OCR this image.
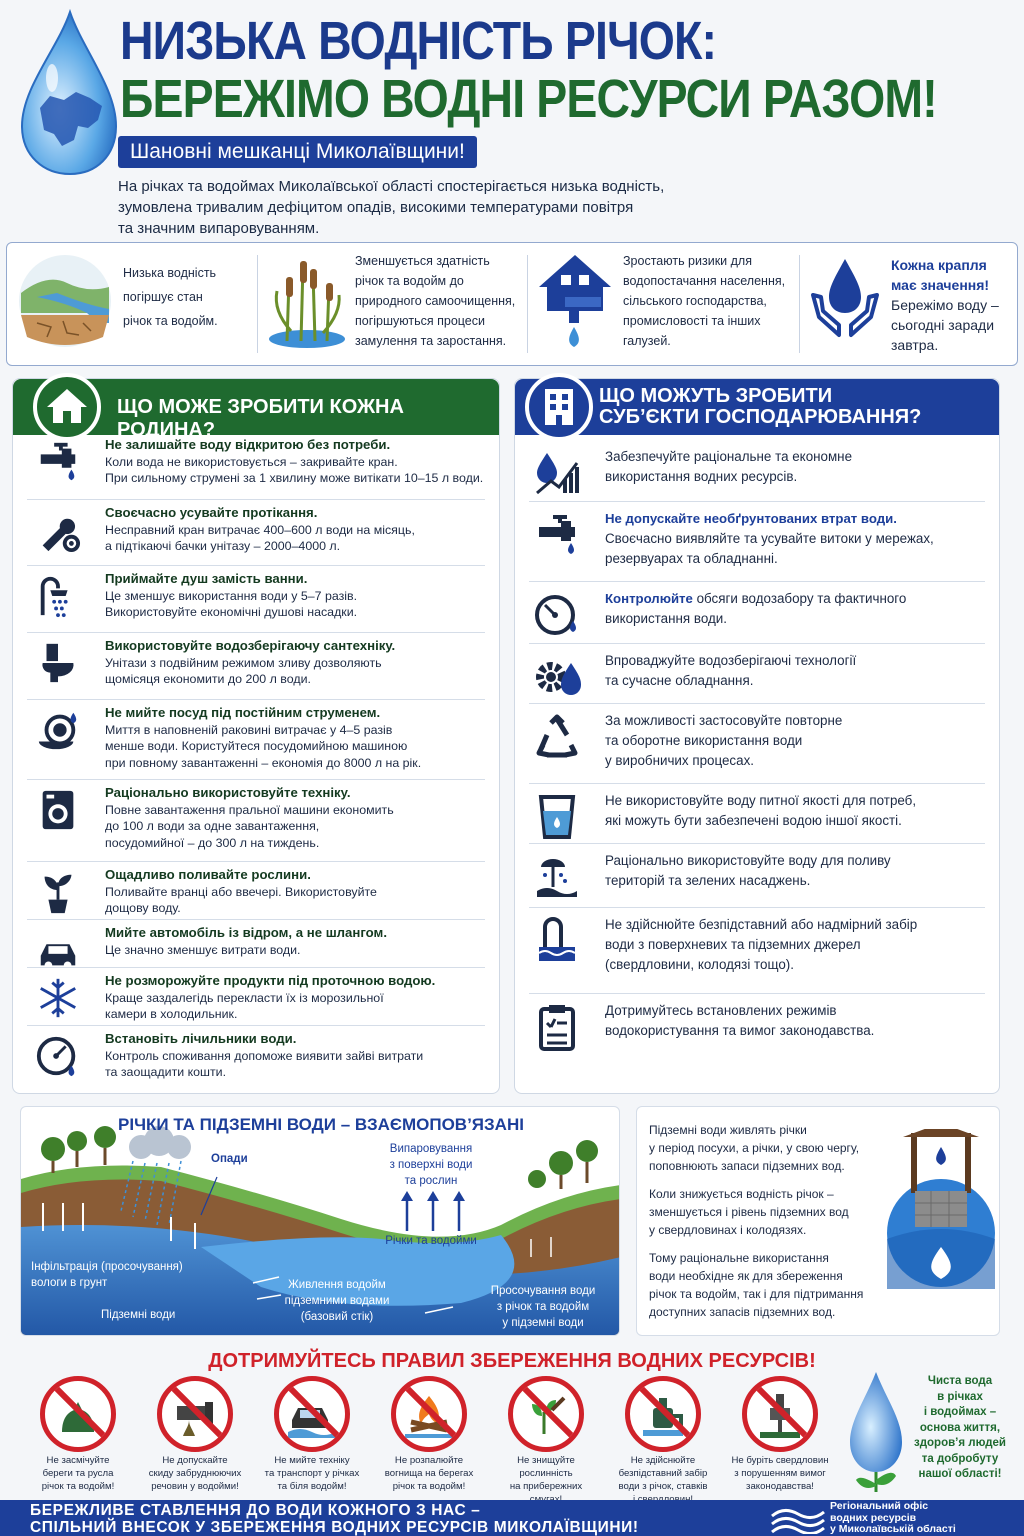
НИЗЬКА ВОДНІСТЬ РІЧОК:
БЕРЕЖІМО ВОДНІ РЕСУРСИ РАЗОМ!
Шановні мешканці Миколаївщини!
На річках та водоймах Миколаївської області спостерігається низька водність,
зумовлена тривалим дефіцитом опадів, високими температурами повітря
та значним випаровуванням.
Низька водність
погіршує стан
річок та водойм.
Зменшується здатність
річок та водойм до
природного самоочищення,
погіршуються процеси
замулення та заростання.
Зростають ризики для
водопостачання населення,
сільського господарства,
промисловості та інших
галузей.
Кожна крапля
має значення!
Бережімо воду –
сьогодні заради
завтра.
ЩО МОЖЕ ЗРОБИТИ КОЖНА РОДИНА?
Не залишайте воду відкритою без потреби.
Коли вода не використовується – закривайте кран.
При сильному струмені за 1 хвилину може витікати 10–15 л води.
Своєчасно усувайте протікання.
Несправний кран витрачає 400–600 л води на місяць,
а підтікаючі бачки унітазу – 2000–4000 л.
Приймайте душ замість ванни.
Це зменшує використання води у 5–7 разів.
Використовуйте економічні душові насадки.
Використовуйте водозберігаючу сантехніку.
Унітази з подвійним режимом зливу дозволяють
щомісяця економити до 200 л води.
Не мийте посуд під постійним струменем.
Миття в наповненій раковині витрачає у 4–5 разів
менше води. Користуйтеся посудомийною машиною
при повному завантаженні – економія до 8000 л на рік.
Раціонально використовуйте техніку.
Повне завантаження пральної машини економить
до 100 л води за одне завантаження,
посудомийної – до 300 л на тиждень.
Ощадливо поливайте рослини.
Поливайте вранці або ввечері. Використовуйте
дощову воду.
Мийте автомобіль із відром, а не шлангом.
Це значно зменшує витрати води.
Не розморожуйте продукти під проточною водою.
Краще заздалегідь перекласти їх із морозильної
камери в холодильник.
Встановіть лічильники води.
Контроль споживання допоможе виявити зайві витрати
та заощадити кошти.
ЩО МОЖУТЬ ЗРОБИТИ
СУБ’ЄКТИ ГОСПОДАРЮВАННЯ?
Забезпечуйте раціональне та економне
використання водних ресурсів.
Не допускайте необґрунтованих втрат води.
Своєчасно виявляйте та усувайте витоки у мережах,
резервуарах та обладнанні.
Контролюйте обсяги водозабору та фактичного
використання води.
Впроваджуйте водозберігаючі технології
та сучасне обладнання.
За можливості застосовуйте повторне
та оборотне використання води
у виробничих процесах.
Не використовуйте воду питної якості для потреб,
які можуть бути забезпечені водою іншої якості.
Раціонально використовуйте воду для поливу
територій та зелених насаджень.
Не здійснюйте безпідставний або надмірний забір
води з поверхневих та підземних джерел
(свердловини, колодязі тощо).
Дотримуйтесь встановлених режимів
водокористування та вимог законодавства.
РІЧКИ ТА ПІДЗЕМНІ ВОДИ – ВЗАЄМОПОВ’ЯЗАНІ
Опади
Випаровування
з поверхні води
та рослин
Річки та водойми
Інфільтрація (просочування)
вологи в грунт
Підземні води
Живлення водойм
підземними водами
(базовий стік)
Просочування води
з річок та водойм
у підземні води
Підземні води живлять річки
у період посухи, а річки, у свою чергу,
поповнюють запаси підземних вод.
Коли знижується водність річок –
зменшується і рівень підземних вод
у свердловинах і колодязях.
Тому раціональне використання
води необхідне як для збереження
річок та водойм, так і для підтримання
доступних запасів підземних вод.
ДОТРИМУЙТЕСЬ ПРАВИЛ ЗБЕРЕЖЕННЯ ВОДНИХ РЕСУРСІВ!
Не засмічуйте
береги та русла
річок та водойм!
Не допускайте
скиду забруднюючих
речовин у водойми!
Не мийте техніку
та транспорт у річках
та біля водойм!
Не розпалюйте
вогнища на берегах
річок та водойм!
Не знищуйте
рослинність
на прибережних
Не здійснюйте
безпідставний забір
води з річок, ставків
Не буріть свердловин
з порушенням вимог
законодавства!
Чиста вода
в річках
і водоймах –
основа життя,
здоров’я людей
та добробуту
нашої області!
БЕРЕЖЛИВЕ СТАВЛЕННЯ ДО ВОДИ КОЖНОГО З НАС –
СПІЛЬНИЙ ВНЕСОК У ЗБЕРЕЖЕННЯ ВОДНИХ РЕСУРСІВ МИКОЛАЇВЩИНИ!
Регіональний офіс
водних ресурсів
у Миколаївській області
